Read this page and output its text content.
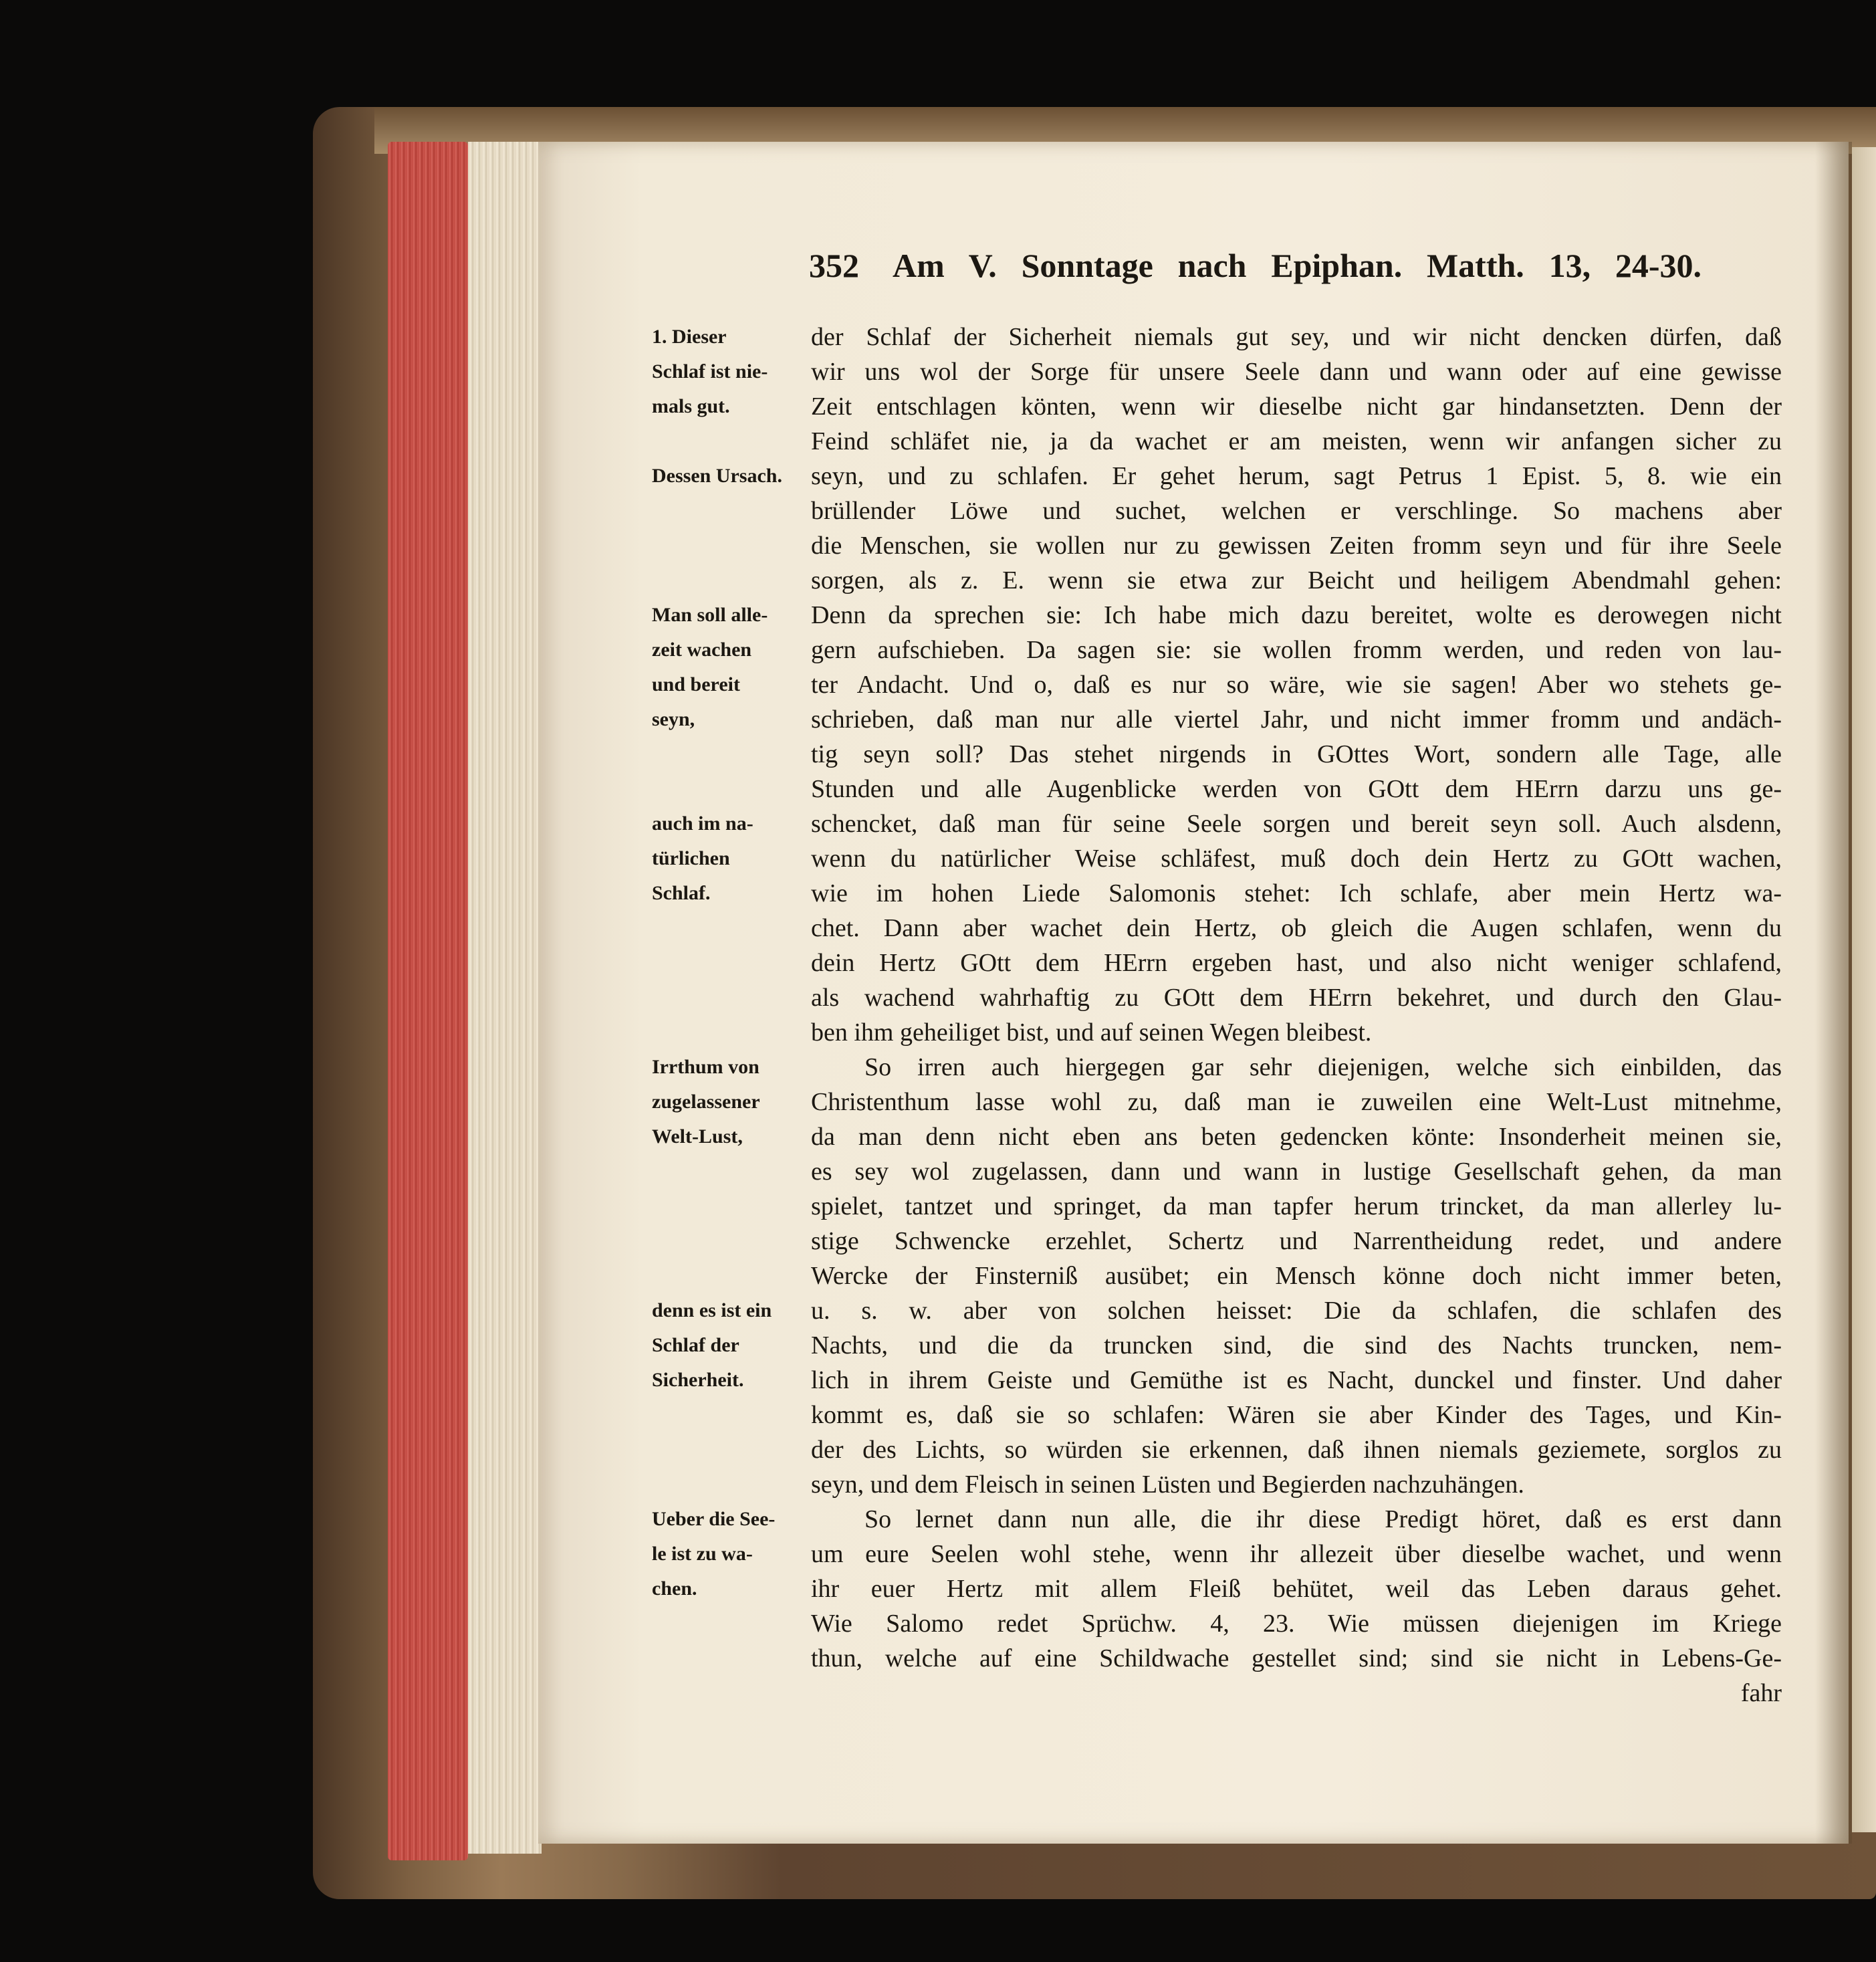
352	Am V. Sonntage nach Epiphan. Matth. 13, 24-30.
1. Dieser
Schlaf ist nie-
mals gut.
Dessen Ursach.
Man soll alle-
zeit wachen
und bereit
seyn,
auch im na-
türlichen
Schlaf.
Irrthum von
zugelassener
Welt-Lust,
denn es ist ein
Schlaf der
Sicherheit.
Ueber die See-
le ist zu wa-
chen.
der Schlaf der Sicherheit niemals gut sey, und wir nicht dencken dürfen, daß
wir uns wol der Sorge für unsere Seele dann und wann oder auf eine gewisse
Zeit entschlagen könten, wenn wir dieselbe nicht gar hindansetzten. Denn der
Feind schläfet nie, ja da wachet er am meisten, wenn wir anfangen sicher zu
seyn, und zu schlafen. Er gehet herum, sagt Petrus 1 Epist. 5, 8. wie ein
brüllender Löwe und suchet, welchen er verschlinge. So machens aber
die Menschen, sie wollen nur zu gewissen Zeiten fromm seyn und für ihre Seele
sorgen, als z. E. wenn sie etwa zur Beicht und heiligem Abendmahl gehen:
Denn da sprechen sie: Ich habe mich dazu bereitet, wolte es derowegen nicht
gern aufschieben. Da sagen sie: sie wollen fromm werden, und reden von lau-
ter Andacht. Und o, daß es nur so wäre, wie sie sagen! Aber wo stehets ge-
schrieben, daß man nur alle viertel Jahr, und nicht immer fromm und andäch-
tig seyn soll? Das stehet nirgends in GOttes Wort, sondern alle Tage, alle
Stunden und alle Augenblicke werden von GOtt dem HErrn darzu uns ge-
schencket, daß man für seine Seele sorgen und bereit seyn soll. Auch alsdenn,
wenn du natürlicher Weise schläfest, muß doch dein Hertz zu GOtt wachen,
wie im hohen Liede Salomonis stehet: Ich schlafe, aber mein Hertz wa-
chet. Dann aber wachet dein Hertz, ob gleich die Augen schlafen, wenn du
dein Hertz GOtt dem HErrn ergeben hast, und also nicht weniger schlafend,
als wachend wahrhaftig zu GOtt dem HErrn bekehret, und durch den Glau-
ben ihm geheiliget bist, und auf seinen Wegen bleibest.
So irren auch hiergegen gar sehr diejenigen, welche sich einbilden, das
Christenthum lasse wohl zu, daß man ie zuweilen eine Welt-Lust mitnehme,
da man denn nicht eben ans beten gedencken könte: Insonderheit meinen sie,
es sey wol zugelassen, dann und wann in lustige Gesellschaft gehen, da man
spielet, tantzet und springet, da man tapfer herum trincket, da man allerley lu-
stige Schwencke erzehlet, Schertz und Narrentheidung redet, und andere
Wercke der Finsterniß ausübet; ein Mensch könne doch nicht immer beten,
u. s. w. aber von solchen heisset: Die da schlafen, die schlafen des
Nachts, und die da truncken sind, die sind des Nachts truncken, nem-
lich in ihrem Geiste und Gemüthe ist es Nacht, dunckel und finster. Und daher
kommt es, daß sie so schlafen: Wären sie aber Kinder des Tages, und Kin-
der des Lichts, so würden sie erkennen, daß ihnen niemals geziemete, sorglos zu
seyn, und dem Fleisch in seinen Lüsten und Begierden nachzuhängen.
So lernet dann nun alle, die ihr diese Predigt höret, daß es erst dann
um eure Seelen wohl stehe, wenn ihr allezeit über dieselbe wachet, und wenn
ihr euer Hertz mit allem Fleiß behütet, weil das Leben daraus gehet.
Wie Salomo redet Sprüchw. 4, 23. Wie müssen diejenigen im Kriege
thun, welche auf eine Schildwache gestellet sind; sind sie nicht in Lebens-Ge-
fahr
